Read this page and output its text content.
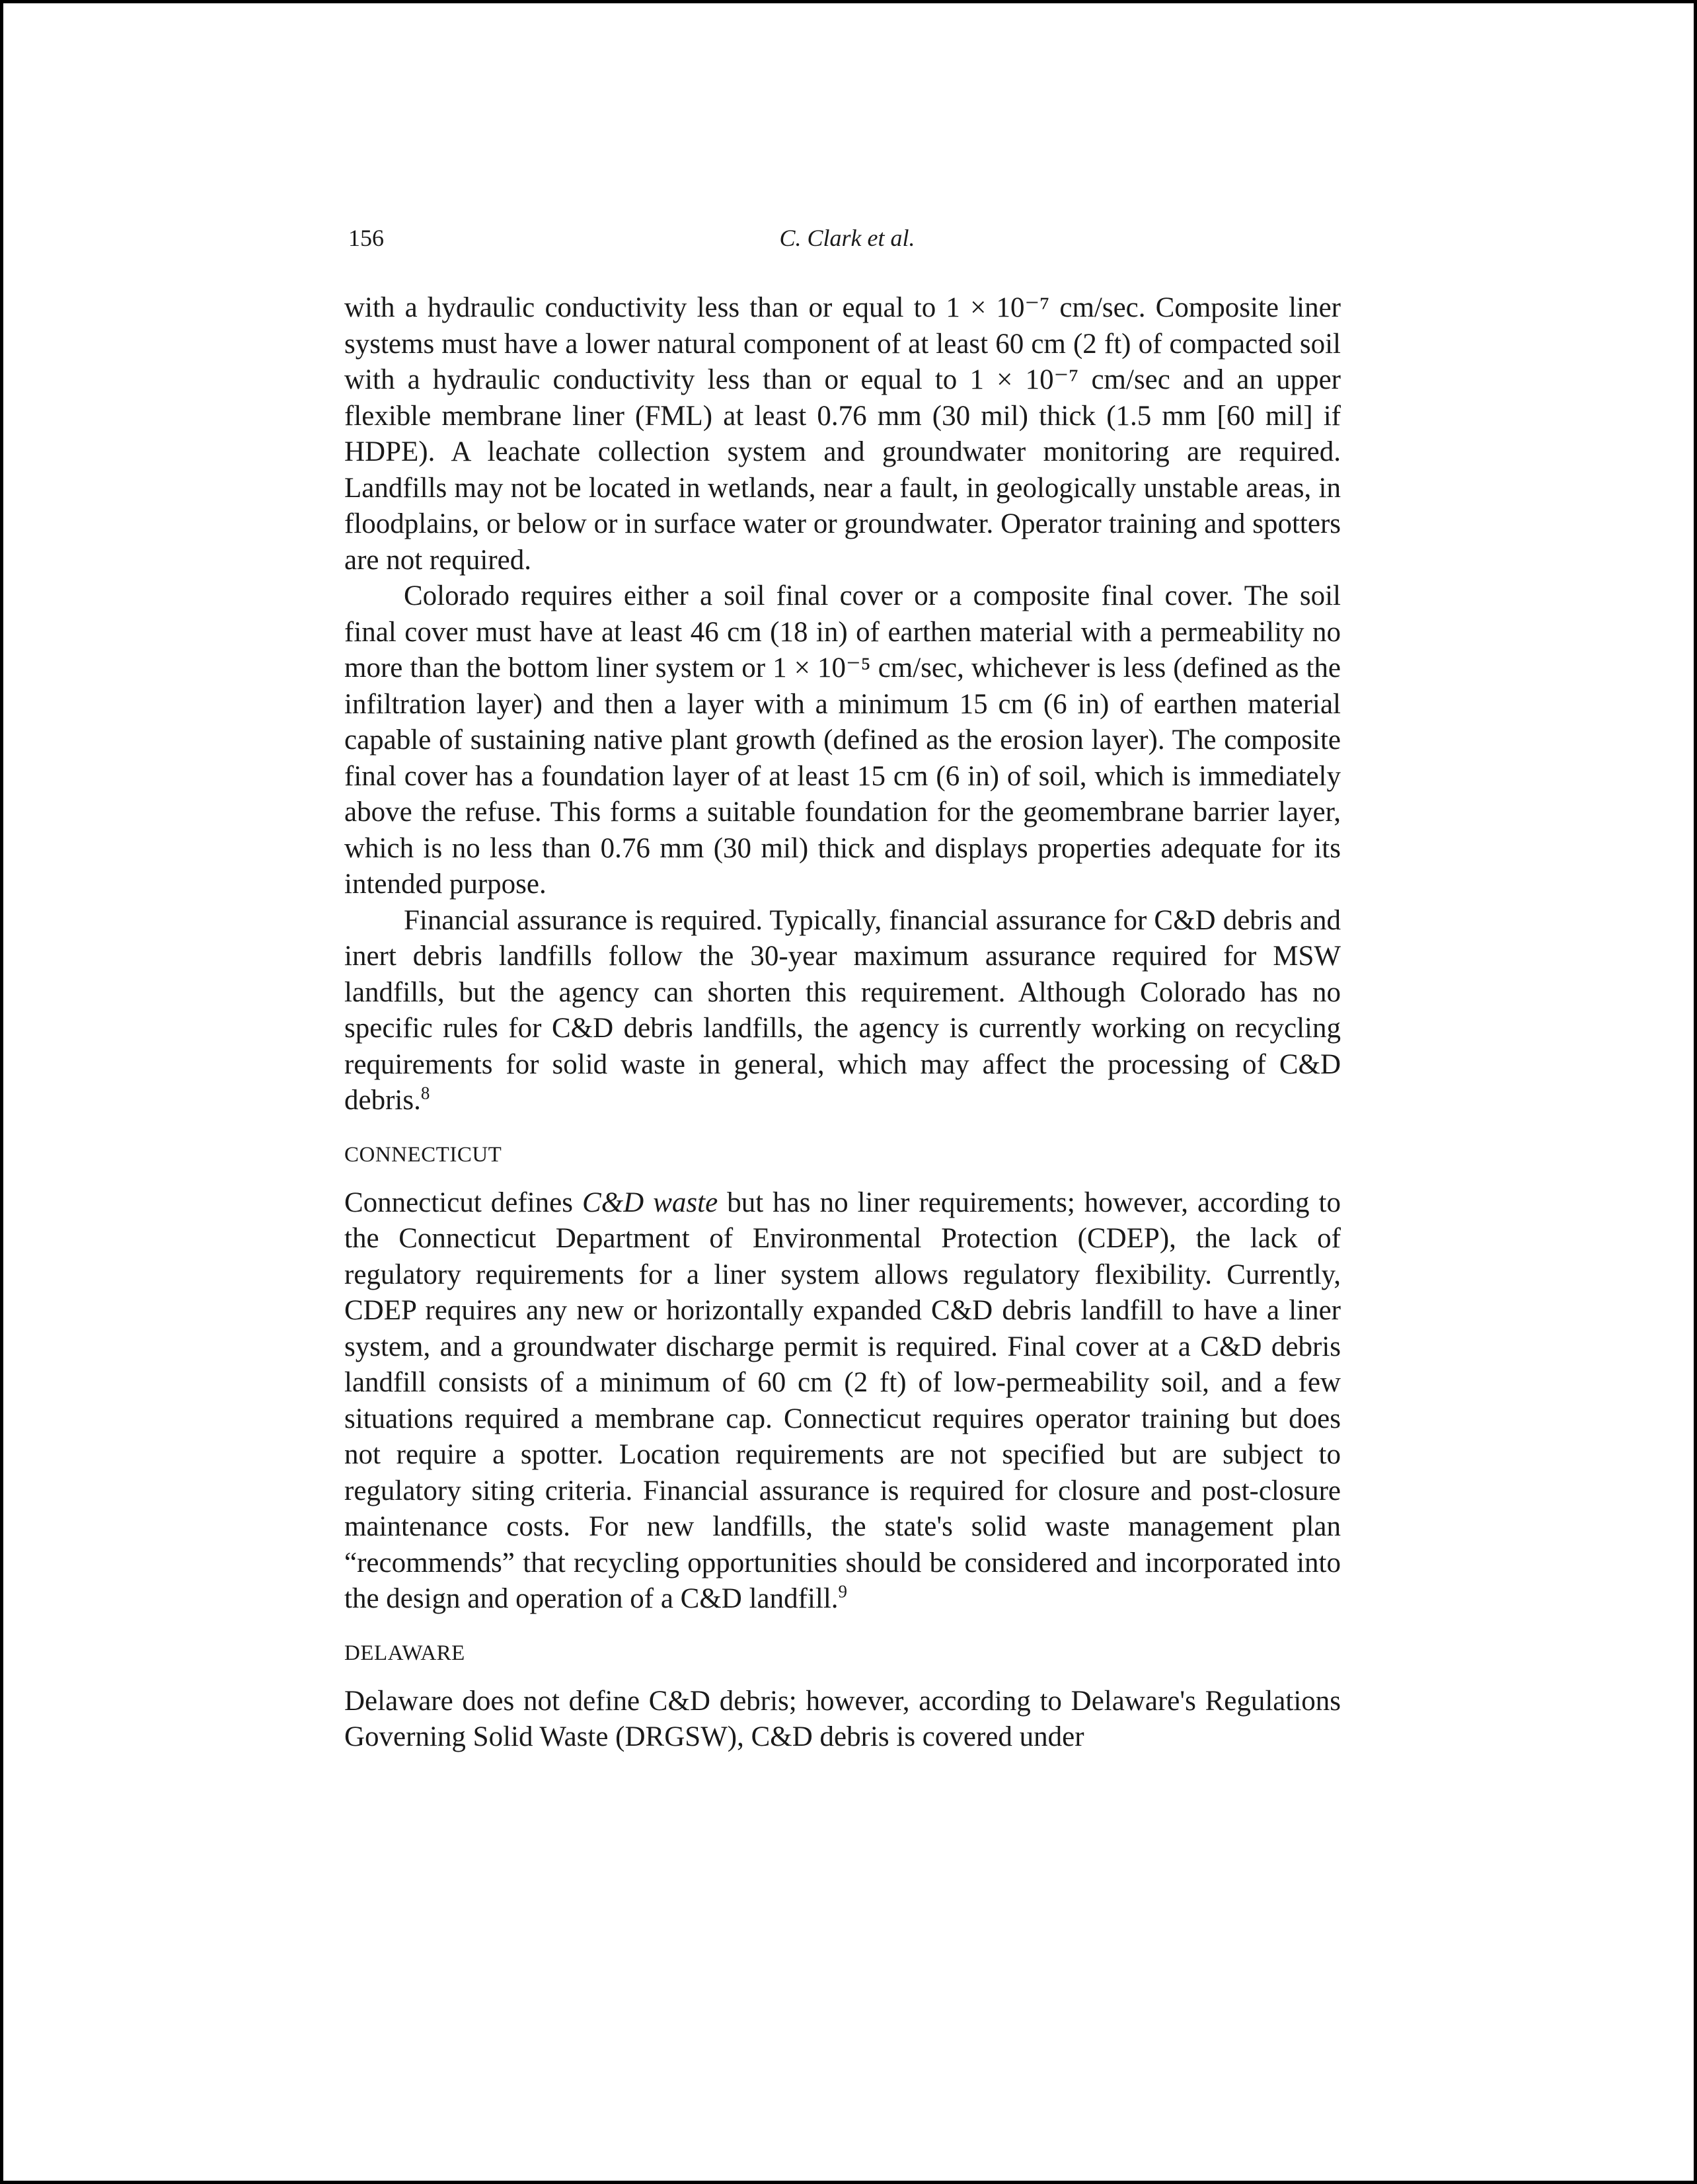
156	C. Clark et al.

with a hydraulic conductivity less than or equal to 1 × 10⁻⁷ cm/sec. Composite liner systems must have a lower natural component of at least 60 cm (2 ft) of compacted soil with a hydraulic conductivity less than or equal to 1 × 10⁻⁷ cm/sec and an upper flexible membrane liner (FML) at least 0.76 mm (30 mil) thick (1.5 mm [60 mil] if HDPE). A leachate collection system and groundwater monitoring are required. Landfills may not be located in wetlands, near a fault, in geologically unstable areas, in floodplains, or below or in surface water or groundwater. Operator training and spotters are not required.

Colorado requires either a soil final cover or a composite final cover. The soil final cover must have at least 46 cm (18 in) of earthen material with a permeability no more than the bottom liner system or 1 × 10⁻⁵ cm/sec, whichever is less (defined as the infiltration layer) and then a layer with a minimum 15 cm (6 in) of earthen material capable of sustaining native plant growth (defined as the erosion layer). The composite final cover has a foundation layer of at least 15 cm (6 in) of soil, which is immediately above the refuse. This forms a suitable foundation for the geomembrane barrier layer, which is no less than 0.76 mm (30 mil) thick and displays properties adequate for its intended purpose.

Financial assurance is required. Typically, financial assurance for C&D debris and inert debris landfills follow the 30-year maximum assurance required for MSW landfills, but the agency can shorten this requirement. Although Colorado has no specific rules for C&D debris landfills, the agency is currently working on recycling requirements for solid waste in general, which may affect the processing of C&D debris.$^8$

CONNECTICUT

Connecticut defines C&D waste but has no liner requirements; however, according to the Connecticut Department of Environmental Protection (CDEP), the lack of regulatory requirements for a liner system allows regulatory flexibility. Currently, CDEP requires any new or horizontally expanded C&D debris landfill to have a liner system, and a groundwater discharge permit is required. Final cover at a C&D debris landfill consists of a minimum of 60 cm (2 ft) of low-permeability soil, and a few situations required a membrane cap. Connecticut requires operator training but does not require a spotter. Location requirements are not specified but are subject to regulatory siting criteria. Financial assurance is required for closure and post-closure maintenance costs. For new landfills, the state's solid waste management plan “recommends” that recycling opportunities should be considered and incorporated into the design and operation of a C&D landfill.$^9$

DELAWARE

Delaware does not define C&D debris; however, according to Delaware's Regulations Governing Solid Waste (DRGSW), C&D debris is covered under
